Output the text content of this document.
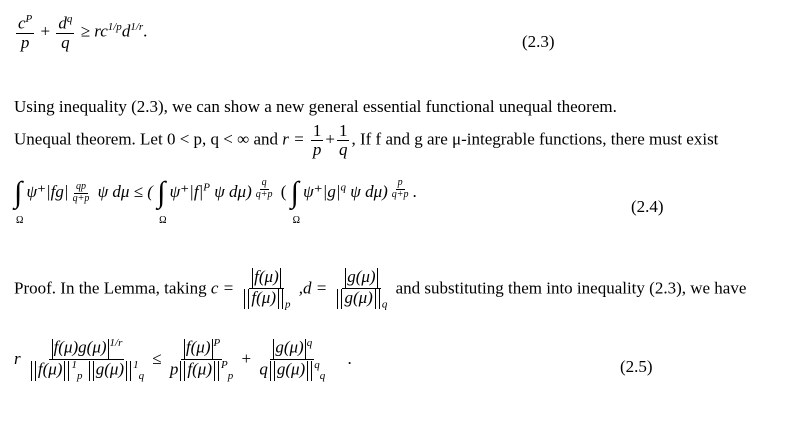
$\frac{c^P}{p} + \frac{d^q}{q} \ge rc^{1/p}d^{1/r}$.
(2.3)
Using inequality (2.3), we can show a new general essential functional unequal theorem.
Unequal theorem. Let 0 < p, q < ∞ and $r = \frac{1}{p} + \frac{1}{q}$ , If f and g are μ-integrable functions, there must exist
∫
Ω
$\psi^+|fg| \frac{qp}{q+p}$ ψ dμ ≤ ( ∫
Ω
$\psi^+|f|^P$ ψ $d\mu) \frac{q}{q+p}$ ( ∫
Ω
$\psi^+|g|^q$ ψ $d\mu) \frac{p}{q+p}$ .
(2.4)
Proof. In the Lemma, taking $c = \frac{f(\mu)}{f(\mu) _p} ,d = \frac{g(\mu)}{g(\mu) _q}$ and substituting them into inequality (2.3), we have
r $\frac{f(\mu)g(\mu) ^{1/r}}{f(\mu) ^1_p g(\mu) ^1_q} \le \frac{f(\mu) ^P}{p f(\mu) ^P_p} + \frac{g(\mu) ^q}{q g(\mu) ^q_q}$ .	(2.5)
